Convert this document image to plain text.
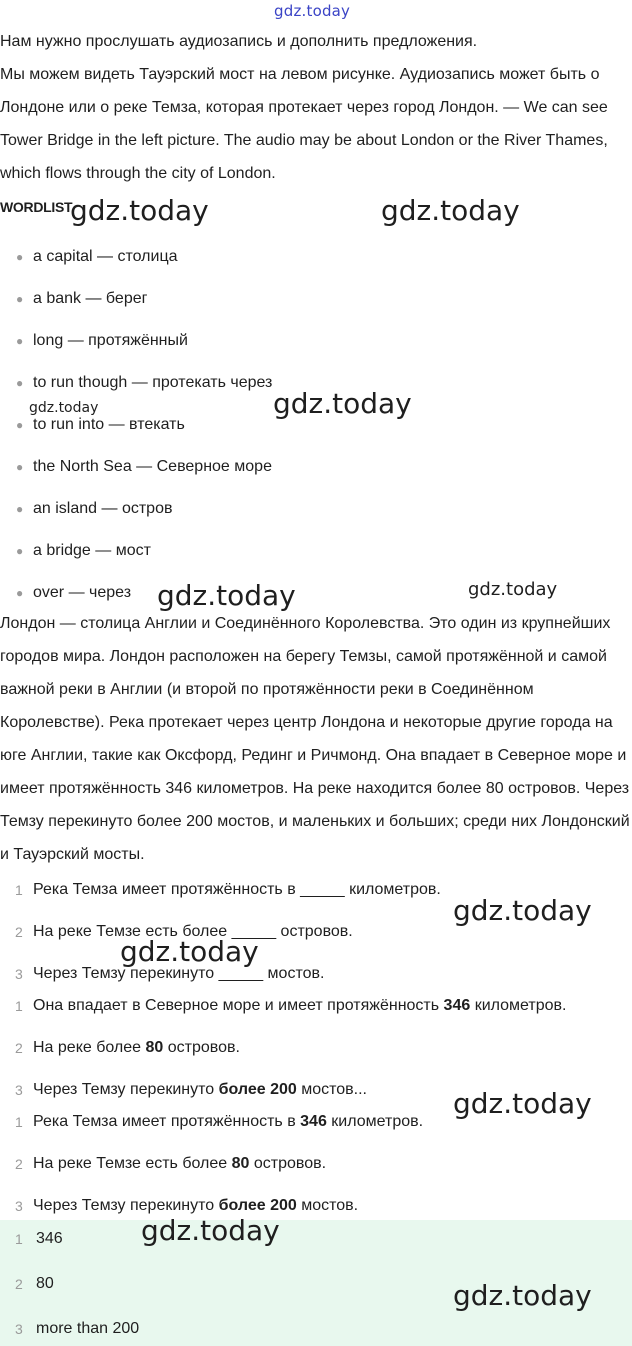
gdz.today

Нам нужно прослушать аудиозапись и дополнить предложения.

Мы можем видеть Тауэрский мост на левом рисунке. Аудиозапись может быть о Лондоне или о реке Темза, которая протекает через город Лондон. — We can see Tower Bridge in the left picture. The audio may be about London or the River Thames, which flows through the city of London.

WORDLIST

● a capital — столица
● a bank — берег
● long — протяжённый
● to run though — протекать через
● to run into — втекать
● the North Sea — Северное море
● an island — остров
● a bridge — мост
● over — через

Лондон — столица Англии и Соединённого Королевства. Это один из крупнейших городов мира. Лондон расположен на берегу Темзы, самой протяжённой и самой важной реки в Англии (и второй по протяжённости реки в Соединённом Королевстве). Река протекает через центр Лондона и некоторые другие города на юге Англии, такие как Оксфорд, Рединг и Ричмонд. Она впадает в Северное море и имеет протяжённость 346 километров. На реке находится более 80 островов. Через Темзу перекинуто более 200 мостов, и маленьких и больших; среди них Лондонский и Тауэрский мосты.

1 Река Темза имеет протяжённость в _____ километров.
2 На реке Темзе есть более _____ островов.
3 Через Темзу перекинуто _____ мостов.
1 Она впадает в Северное море и имеет протяжённость 346 километров.
2 На реке более 80 островов.
3 Через Темзу перекинуто более 200 мостов...
1 Река Темза имеет протяжённость в 346 километров.
2 На реке Темзе есть более 80 островов.
3 Через Темзу перекинуто более 200 мостов.
1 346
2 80
3 more than 200
gdz.today	gdz.today
gdz.today	gdz.today
gdz.today	gdz.today
gdz.today
gdz.today
gdz.today
gdz.today
gdz.today
